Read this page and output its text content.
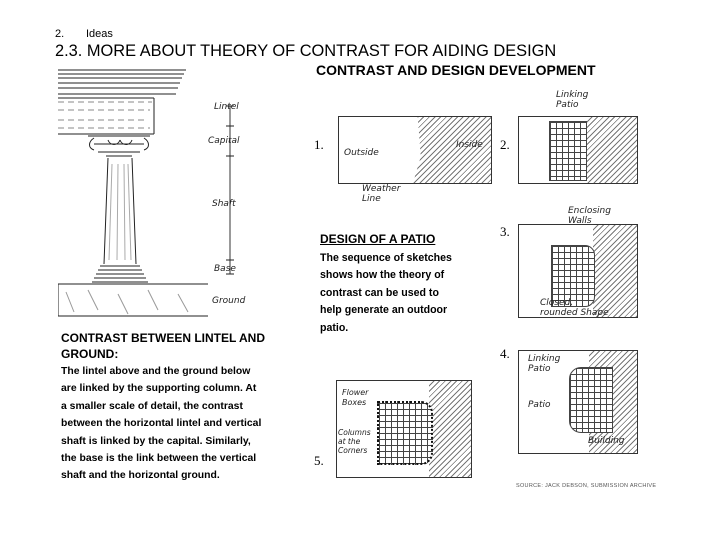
2. Ideas
2.3. MORE ABOUT THEORY OF CONTRAST FOR AIDING DESIGN
Lintel
Capital
Shaft
Base
Ground
CONTRAST BETWEEN LINTEL AND
GROUND:
The lintel above and the ground below
are linked by the supporting column. At
a smaller scale of detail, the contrast
between the horizontal lintel and vertical
shaft is linked by the capital. Similarly,
the base is the link between the vertical
shaft and the horizontal ground.
CONTRAST AND DESIGN DEVELOPMENT
1.
Outside
Inside
Weather Line
2.
Linking Patio
DESIGN OF A PATIO
The sequence of sketches
shows how the theory of
contrast can be used to
help generate an outdoor
patio.
3.
Enclosing Walls
Closed, rounded Shape
4. Linking Patio
Patio
Building
5.
Flower Boxes
Columns at the Corners
SOURCE: JACK DEBSON, SUBMISSION ARCHIVE
